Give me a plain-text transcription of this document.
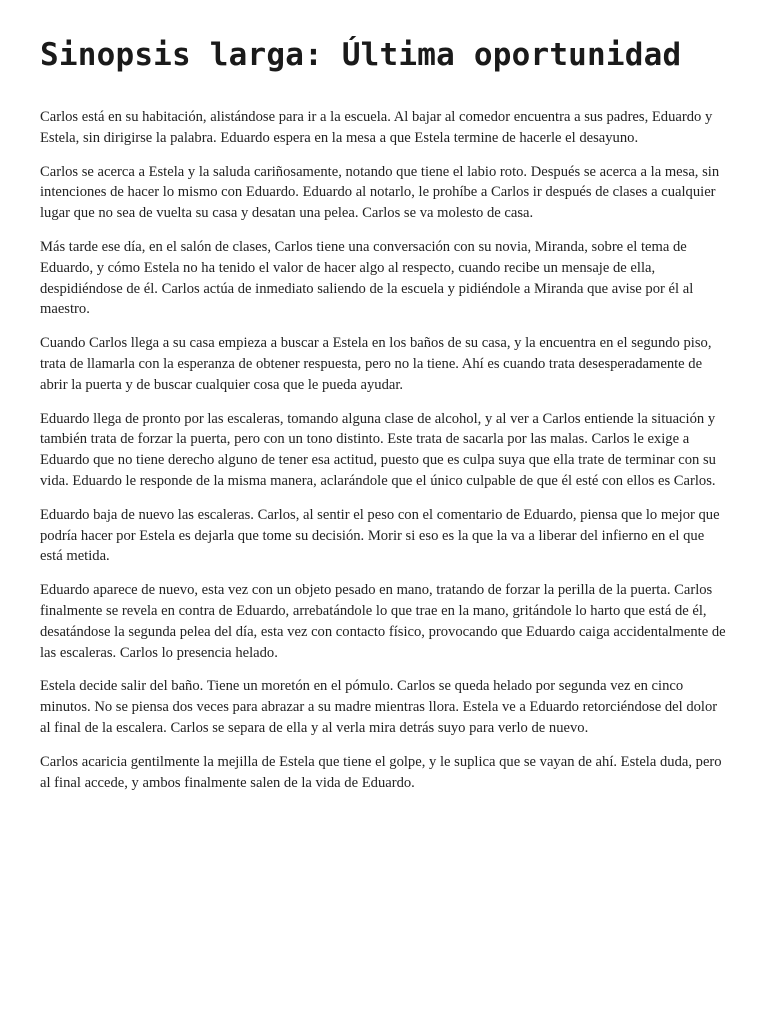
Sinopsis larga: Última oportunidad

Carlos está en su habitación, alistándose para ir a la escuela. Al bajar al comedor encuentra a sus padres, Eduardo y Estela, sin dirigirse la palabra. Eduardo espera en la mesa a que Estela termine de hacerle el desayuno.

Carlos se acerca a Estela y la saluda cariñosamente, notando que tiene el labio roto. Después se acerca a la mesa, sin intenciones de hacer lo mismo con Eduardo. Eduardo al notarlo, le prohíbe a Carlos ir después de clases a cualquier lugar que no sea de vuelta su casa y desatan una pelea. Carlos se va molesto de casa.

Más tarde ese día, en el salón de clases, Carlos tiene una conversación con su novia, Miranda, sobre el tema de Eduardo, y cómo Estela no ha tenido el valor de hacer algo al respecto, cuando recibe un mensaje de ella, despidiéndose de él. Carlos actúa de inmediato saliendo de la escuela y pidiéndole a Miranda que avise por él al maestro.

Cuando Carlos llega a su casa empieza a buscar a Estela en los baños de su casa, y la encuentra en el segundo piso, trata de llamarla con la esperanza de obtener respuesta, pero no la tiene. Ahí es cuando trata desesperadamente de abrir la puerta y de buscar cualquier cosa que le pueda ayudar.

Eduardo llega de pronto por las escaleras, tomando alguna clase de alcohol, y al ver a Carlos entiende la situación y también trata de forzar la puerta, pero con un tono distinto. Este trata de sacarla por las malas. Carlos le exige a Eduardo que no tiene derecho alguno de tener esa actitud, puesto que es culpa suya que ella trate de terminar con su vida. Eduardo le responde de la misma manera, aclarándole que el único culpable de que él esté con ellos es Carlos.

Eduardo baja de nuevo las escaleras. Carlos, al sentir el peso con el comentario de Eduardo, piensa que lo mejor que podría hacer por Estela es dejarla que tome su decisión. Morir si eso es la que la va a liberar del infierno en el que está metida.

Eduardo aparece de nuevo, esta vez con un objeto pesado en mano, tratando de forzar la perilla de la puerta. Carlos finalmente se revela en contra de Eduardo, arrebatándole lo que trae en la mano, gritándole lo harto que está de él, desatándose la segunda pelea del día, esta vez con contacto físico, provocando que Eduardo caiga accidentalmente de las escaleras. Carlos lo presencia helado.

Estela decide salir del baño. Tiene un moretón en el pómulo. Carlos se queda helado por segunda vez en cinco minutos. No se piensa dos veces para abrazar a su madre mientras llora. Estela ve a Eduardo retorciéndose del dolor al final de la escalera. Carlos se separa de ella y al verla mira detrás suyo para verlo de nuevo.

Carlos acaricia gentilmente la mejilla de Estela que tiene el golpe, y le suplica que se vayan de ahí. Estela duda, pero al final accede, y ambos finalmente salen de la vida de Eduardo.
